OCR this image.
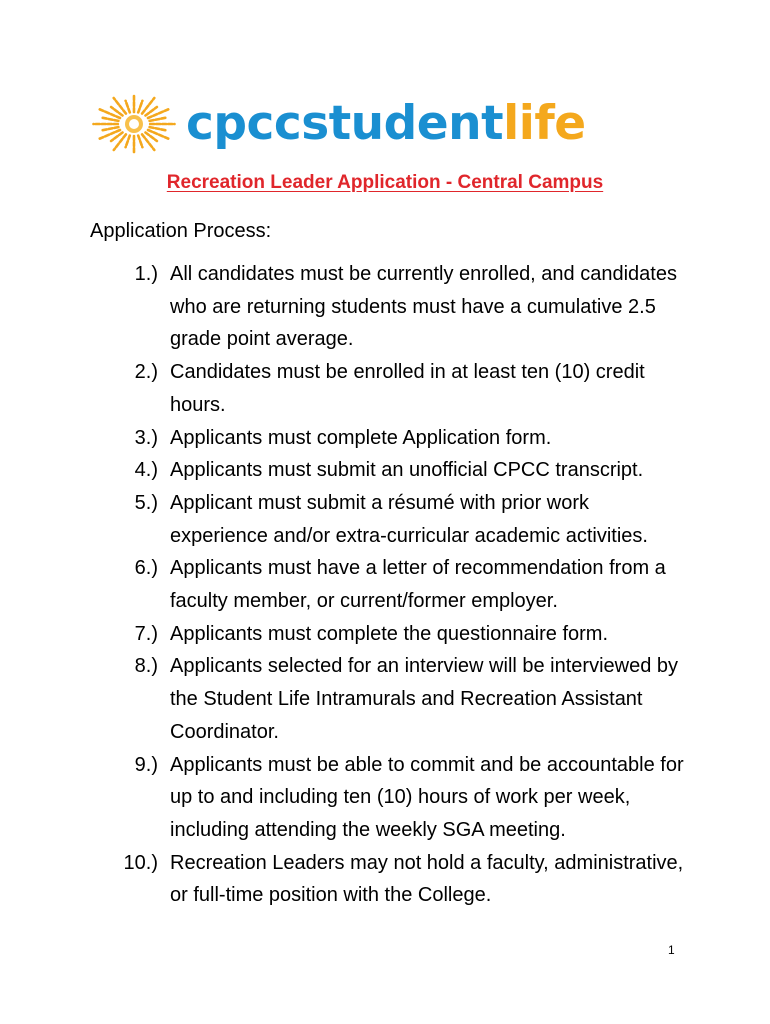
cpccstudentlife
Recreation Leader Application - Central Campus
Application Process:
1.) All candidates must be currently enrolled, and candidates who are returning students must have a cumulative 2.5 grade point average.
2.) Candidates must be enrolled in at least ten (10) credit hours.
3.) Applicants must complete Application form.
4.) Applicants must submit an unofficial CPCC transcript.
5.) Applicant must submit a résumé with prior work experience and/or extra-curricular academic activities.
6.) Applicants must have a letter of recommendation from a faculty member, or current/former employer.
7.) Applicants must complete the questionnaire form.
8.) Applicants selected for an interview will be interviewed by the Student Life Intramurals and Recreation Assistant Coordinator.
9.) Applicants must be able to commit and be accountable for up to and including ten (10) hours of work per week, including attending the weekly SGA meeting.
10.) Recreation Leaders may not hold a faculty, administrative, or full-time position with the College.
1
